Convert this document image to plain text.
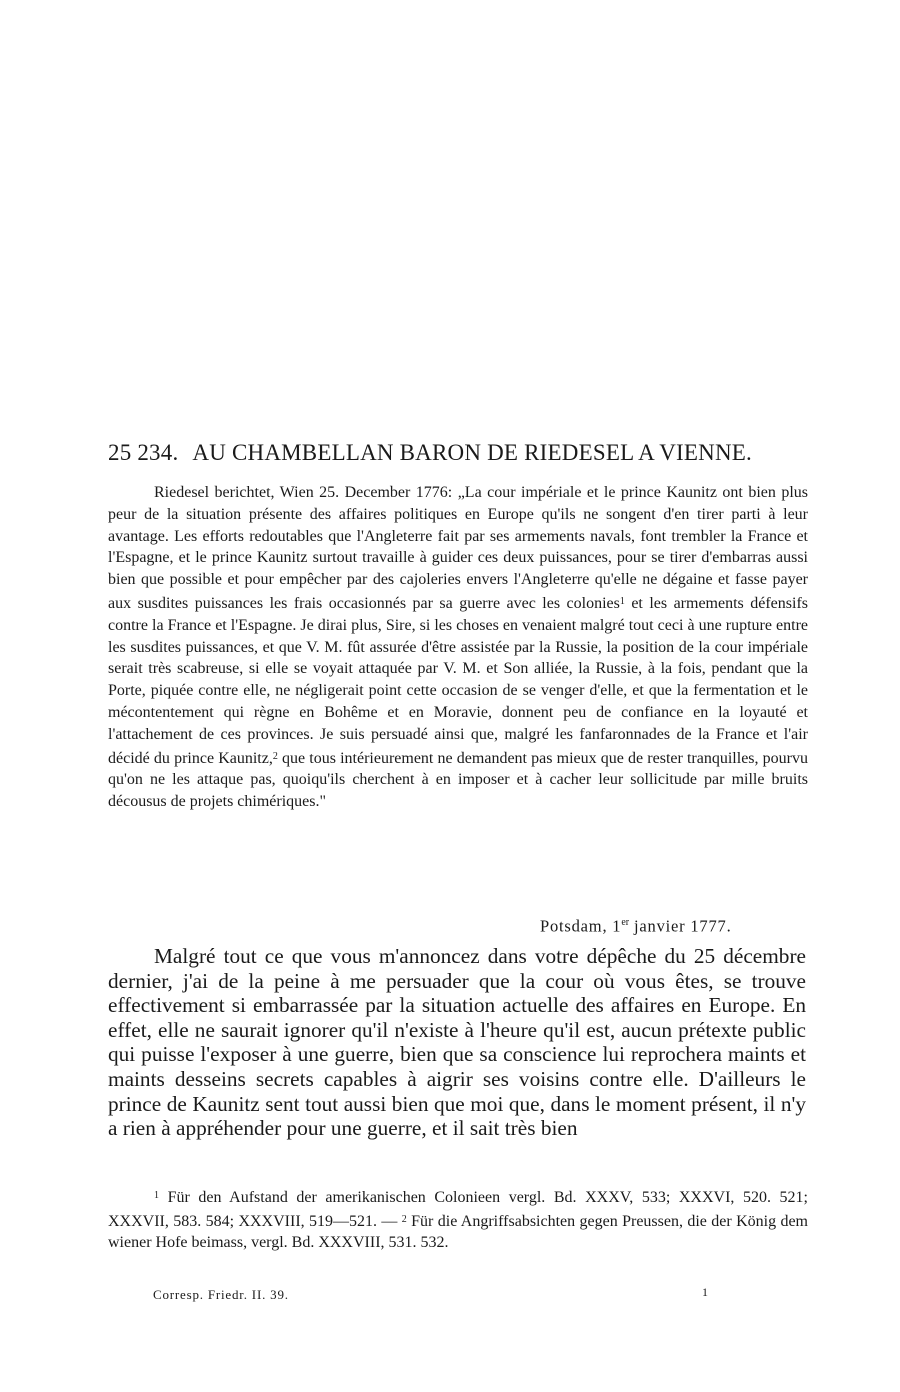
25 234. AU CHAMBELLAN BARON DE RIEDESEL A VIENNE.

Riedesel berichtet, Wien 25. December 1776: „La cour impériale et le prince Kaunitz ont bien plus peur de la situation présente des affaires politiques en Europe qu'ils ne songent d'en tirer parti à leur avantage. Les efforts redoutables que l'Angleterre fait par ses armements navals, font trembler la France et l'Espagne, et le prince Kaunitz surtout travaille à guider ces deux puissances, pour se tirer d'embarras aussi bien que possible et pour empêcher par des cajoleries envers l'Angleterre qu'elle ne dégaine et fasse payer aux susdites puissances les frais occasionnés par sa guerre avec les colonies$^1$ et les armements défensifs contre la France et l'Espagne. Je dirai plus, Sire, si les choses en venaient malgré tout ceci à une rupture entre les susdites puissances, et que V. M. fût assurée d'être assistée par la Russie, la position de la cour impériale serait très scabreuse, si elle se voyait attaquée par V. M. et Son alliée, la Russie, à la fois, pendant que la Porte, piquée contre elle, ne négligerait point cette occasion de se venger d'elle, et que la fermentation et le mécontentement qui règne en Bohême et en Moravie, donnent peu de confiance en la loyauté et l'attachement de ces provinces. Je suis persuadé ainsi que, malgré les fanfaronnades de la France et l'air décidé du prince Kaunitz,$^2$ que tous intérieurement ne demandent pas mieux que de rester tranquilles, pourvu qu'on ne les attaque pas, quoiqu'ils cherchent à en imposer et à cacher leur sollicitude par mille bruits décousus de projets chimériques."

Potsdam, 1er janvier 1777.

Malgré tout ce que vous m'annoncez dans votre dépêche du 25 décembre dernier, j'ai de la peine à me persuader que la cour où vous êtes, se trouve effectivement si embarrassée par la situation actuelle des affaires en Europe. En effet, elle ne saurait ignorer qu'il n'existe à l'heure qu'il est, aucun prétexte public qui puisse l'exposer à une guerre, bien que sa conscience lui reprochera maints et maints desseins secrets capables à aigrir ses voisins contre elle. D'ailleurs le prince de Kaunitz sent tout aussi bien que moi que, dans le moment présent, il n'y a rien à appréhender pour une guerre, et il sait très bien

$^1$ Für den Aufstand der amerikanischen Colonieen vergl. Bd. XXXV, 533; XXXVI, 520. 521; XXXVII, 583. 584; XXXVIII, 519—521. — $^2$ Für die Angriffsabsichten gegen Preussen, die der König dem wiener Hofe beimass, vergl. Bd. XXXVIII, 531. 532.

Corresp. Friedr. II. 39.	1
